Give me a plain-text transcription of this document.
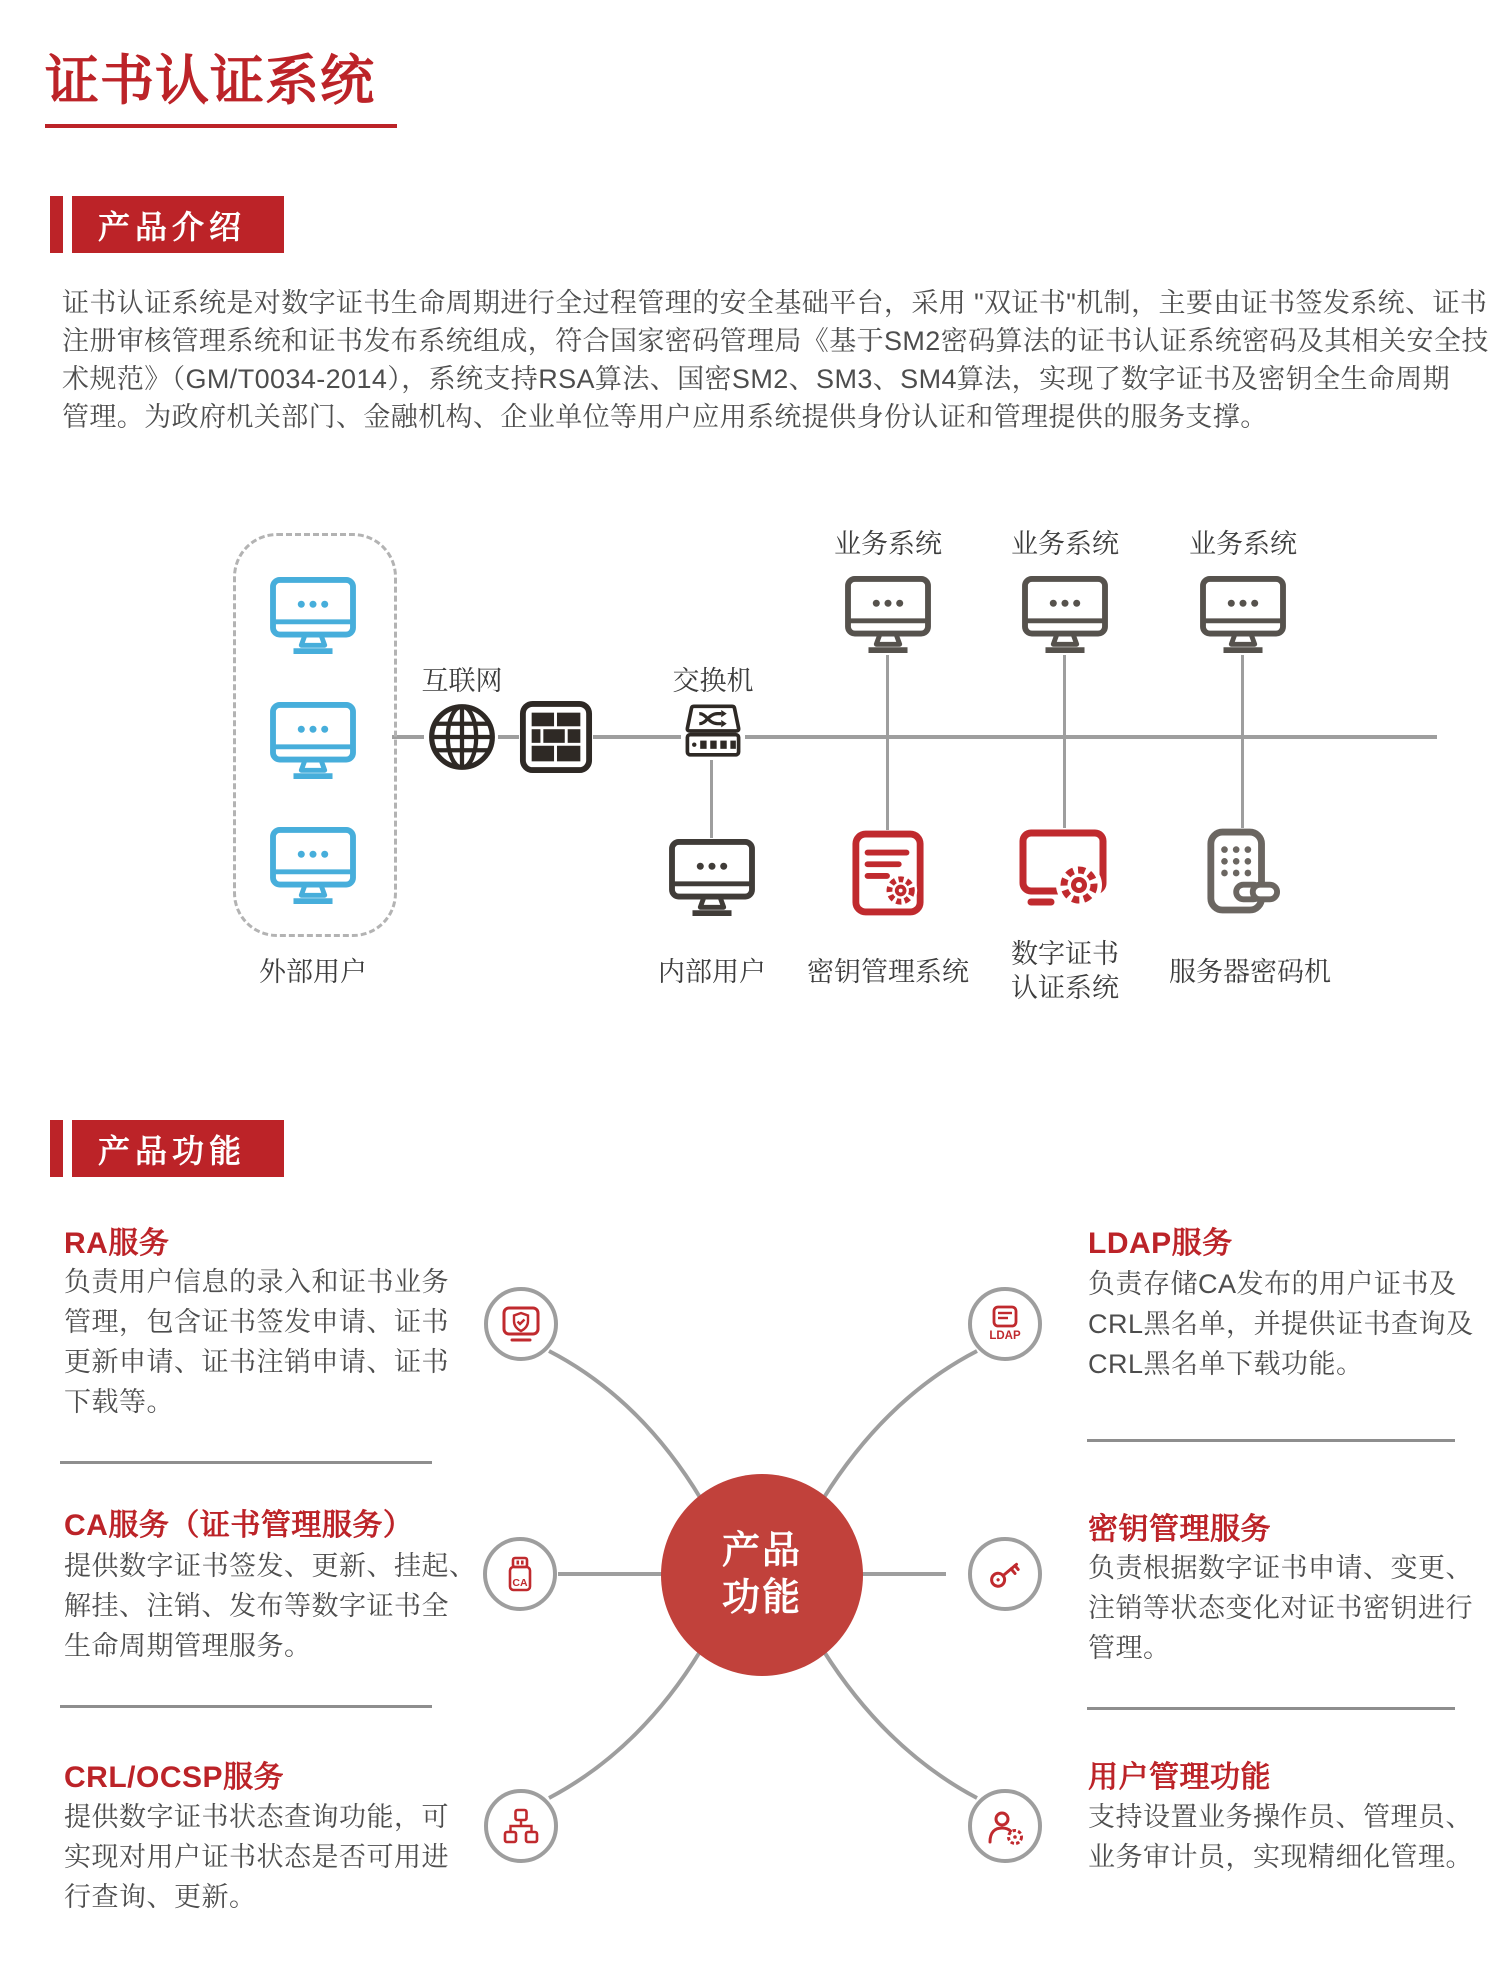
证书认证系统
产品介绍
证书认证系统是对数字证书生命周期进行全过程管理的安全基础平台，采用 "双证书"机制，主要由证书签发系统、证书
注册审核管理系统和证书发布系统组成，符合国家密码管理局《基于SM2密码算法的证书认证系统密码及其相关安全技
术规范》（GM/T0034-2014），系统支持RSA算法、国密SM2、SM3、SM4算法，实现了数字证书及密钥全生命周期
管理。为政府机关部门、金融机构、企业单位等用户应用系统提供身份认证和管理提供的服务支撑。
外部用户
互联网	交换机
业务系统	业务系统	业务系统
内部用户	密钥管理系统
数字证书
认证系统
服务器密码机
产品功能
RA服务
负责用户信息的录入和证书业务
管理，包含证书签发申请、证书
更新申请、证书注销申请、证书
下载等。
CA服务（证书管理服务）
提供数字证书签发、更新、挂起、
解挂、注销、发布等数字证书全
生命周期管理服务。
CRL/OCSP服务
提供数字证书状态查询功能，可
实现对用户证书状态是否可用进
行查询、更新。
LDAP服务
负责存储CA发布的用户证书及
CRL黑名单，并提供证书查询及
CRL黑名单下载功能。
密钥管理服务
负责根据数字证书申请、变更、
注销等状态变化对证书密钥进行
管理。
用户管理功能
支持设置业务操作员、管理员、
业务审计员，实现精细化管理。
产品
功能
LDAP
CA
